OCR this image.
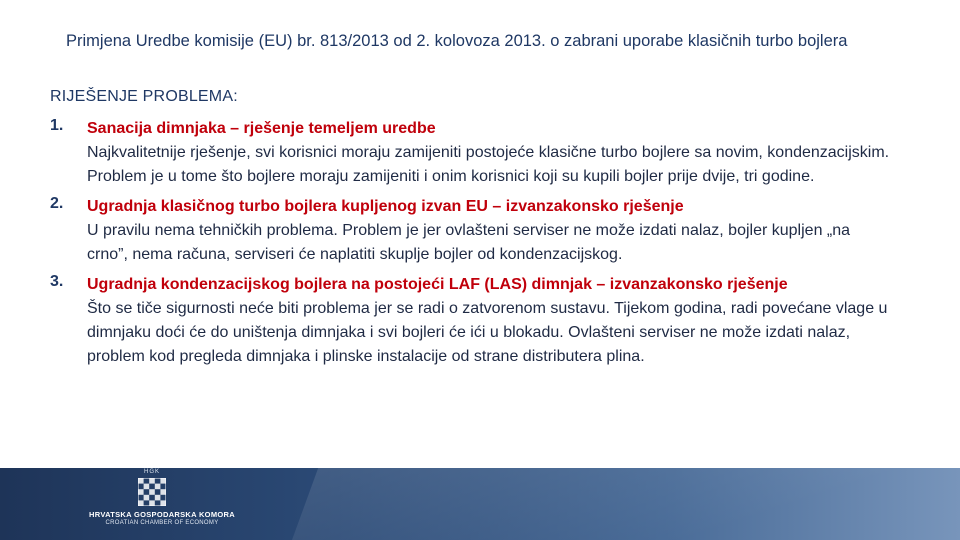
Primjena Uredbe komisije (EU) br. 813/2013 od 2. kolovoza 2013. o zabrani uporabe klasičnih turbo bojlera
RIJEŠENJE PROBLEMA:
1.	Sanacija dimnjaka – rješenje temeljem uredbe
Najkvalitetnije rješenje, svi korisnici moraju zamijeniti postojeće klasične turbo bojlere sa novim, kondenzacijskim. Problem je u tome što bojlere moraju zamijeniti i onim korisnici koji su kupili bojler prije dvije, tri godine.
2.	Ugradnja klasičnog turbo bojlera kupljenog izvan EU – izvanzakonsko rješenje
U pravilu nema tehničkih problema. Problem je jer ovlašteni serviser ne može izdati nalaz, bojler kupljen „na crno”, nema računa, serviseri će naplatiti skuplje bojler od kondenzacijskog.
3.	Ugradnja kondenzacijskog bojlera na postojeći LAF (LAS) dimnjak – izvanzakonsko rješenje
Što se tiče sigurnosti neće biti problema jer se radi o zatvorenom sustavu. Tijekom godina, radi povećane vlage u dimnjaku doći će do uništenja dimnjaka i svi bojleri će ići u blokadu. Ovlašteni serviser ne može izdati nalaz, problem kod pregleda dimnjaka i plinske instalacije od strane distributera plina.
HGK
HRVATSKA GOSPODARSKA KOMORA
CROATIAN CHAMBER OF ECONOMY
